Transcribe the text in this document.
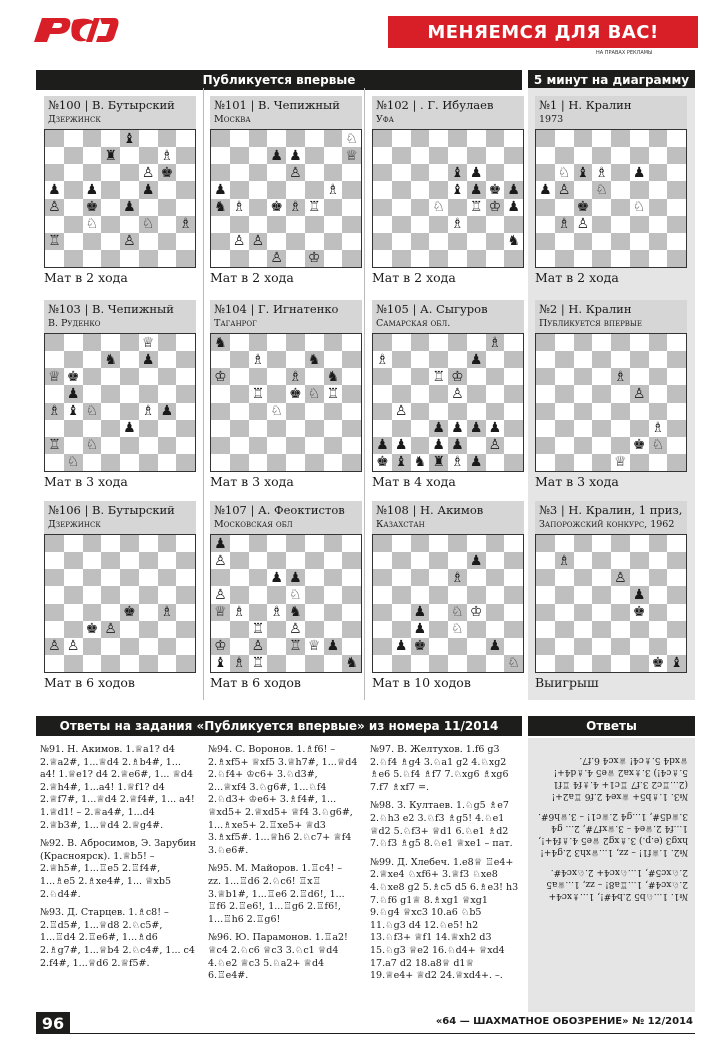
МЕНЯЕМСЯ ДЛЯ ВАС!
НА ПРАВАХ РЕКЛАМЫ
Публикуется впервые	5 минут на диаграмму
№100 | В. Бутырский
Дзержинск
♝
♜	♗
♙ ♚
♟ ♟	♟
♙ ♚ ♟
♘	♘ ♗
♖	♙
Мат в 2 хода
№101 | В. Чепижный
Москва
♘
♟ ♟	♕
♙
♟	♗
♞ ♗ ♚ ♗ ♖
♙ ♙
♙ ♔
Мат в 2 хода
№102 | . Г. Ибулаев
Уфа
♝ ♟
♝ ♟ ♚ ♟
♘ ♖ ♔ ♟
♗
♞
Мат в 2 хода
№1 | Н. Кралин
1973
♘ ♝ ♗ ♟
♟ ♙ ♘
♚	♘
♗ ♙
Мат в 2 хода
№103 | В. Чепижный
В. Руденко
♕
♞ ♟
♕ ♚
♟
♗ ♝ ♘	♗ ♟
♟
♖ ♘
♘
Мат в 3 хода
№104 | Г. Игнатенко
Таганрог
♞
♗	♞
♔	♗ ♞
♖ ♚ ♘ ♖
♘
Мат в 3 хода
№105 | А. Сыгуров
Самарская обл.
♗
♗	♟
♖ ♔
♙
♙
♟ ♟ ♟ ♟
♟ ♟ ♟ ♟ ♙
♚ ♝ ♞ ♜ ♗ ♟
Мат в 4 хода
№2 | Н. Кралин
Публикуется впервые
♗
♙
♗
♚ ♘
♕
Мат в 3 хода
№106 | В. Бутырский
Дзержинск
♚ ♗
♚ ♙
♙ ♙
Мат в 6 ходов
№107 | А. Феоктистов
Московская обл
♟
♙
♟ ♟
♙	♘
♕ ♗ ♗ ♞
♖ ♙
♔ ♙ ♖ ♕ ♟
♝ ♗ ♖	♞
Мат в 6 ходов
№108 | Н. Акимов
Казахстан
♟
♗
♟ ♘ ♔
♟ ♘
♟ ♚	♟
♘
Мат в 10 ходов
№3 | Н. Кралин, 1 приз,
Запорожский конкурс, 1962
♗
♙
♟
♚
♚ ♝
Выигрыш
Ответы на задания «Публикуется впервые» из номера 11/2014	Ответы

№91. Н. Акимов. 1.♕a1? d4 2.♕a2#, 1...♕d4 2.♗b4#, 1... a4! 1.♕e1? d4 2.♕e6#, 1... ♕d4 2.♕h4#, 1...a4! 1.♕f1? d4 2.♕f7#, 1...♕d4 2.♕f4#, 1... a4! 1.♕d1! – 2.♕a4#, 1...d4 2.♕b3#, 1...♕d4 2.♕g4#.

№92. В. Абросимов, Э. Зарубин (Красноярск). 1.♕b5! – 2.♕h5#, 1...♖e5 2.♖f4#, 1...♗e5 2.♗xe4#, 1... ♕xb5 2.♘d4#.

№93. Д. Старцев. 1.♗c8! – 2.♖d5#, 1...♕d8 2.♘c5#, 1...♖d4 2.♖e6#, 1...♗d6 2.♗g7#, 1...♕b4 2.♘c4#, 1... c4 2.f4#, 1...♕d6 2.♕f5#.

№94. С. Воронов. 1.♗f6! – 2.♗xf5+ ♕xf5 3.♕h7#, 1...♕d4 2.♘f4+ ♔c6+ 3.♘d3#, 2...♕xf4 3.♘g6#, 1...♘f4 2.♘d3+ ♔e6+ 3.♗f4#, 1... ♕xd5+ 2.♕xd5+ ♕f4 3.♘g6#, 1...♗xe5+ 2.♖xe5+ ♕d3 3.♗xf5#. 1...♕h6 2.♘c7+ ♕f4 3.♘e6#.

№95. М. Майоров. 1.♖c4! – zz. 1...♖d6 2.♘c6! ♖x♖ 3.♕b1#, 1...♖e6 2.♖d6!, 1... ♖f6 2.♖e6!, 1...♖g6 2.♖f6!, 1...♖h6 2.♖g6!

№96. Ю. Парамонов. 1.♖a2! ♕c4 2.♘c6 ♕c3 3.♘c1 ♕d4 4.♘e2 ♕c3 5.♘a2+ ♕d4 6.♖e4#.

№97. В. Желтухов. 1.f6 g3 2.♘f4 ♗g4 3.♘a1 g2 4.♘xg2 ♗e6 5.♘f4 ♗f7 7.♘xg6 ♗xg6 7.f7 ♗xf7 =.

№98. З. Култаев. 1.♘g5 ♗e7 2.♘h3 e2 3.♘f3 ♗g5! 4.♘e1 ♕d2 5.♘f3+ ♕d1 6.♘e1 ♗d2 7.♘f3 ♗g5 8.♘e1 ♕xe1 – пат.

№99. Д. Хлебеч. 1.e8♕ ♖e4+ 2.♕xe4 ♘xf6+ 3.♕f3 ♘xe8 4.♘xe8 g2 5.♗c5 d5 6.♗e3! h3 7.♘f6 g1♕ 8.♗xg1 ♕xg1 9.♘g4 ♕xc3 10.a6 ♘b5 11.♘g3 d4 12.♘e5! h2 13.♘f3+ ♕f1 14.♕xh2 d3 15.♘g3 ♕e2 16.♘d4+ ♕xd4 17.a7 d2 18.a8♕ d1♕ 19.♕e4+ ♕d2 24.♕xd4+. –.

№1. 1...♘b5 2.b4#!, 1...♗xc4+ 2.♘xc4#, 1...♖a8! – zz, 1...♕a5 2.♘xc5#, 1...♘xc4+ 2.♘xc4#.

№2. 1.♕f1! – zz, 1...♕xh3 2.g4+! hxg3 (e.p.) 3.♗xg2 ♕e5 4.♗f4+!, 1...f4 2.♕e4 – 3.♕xf7#, 2... g4 3.♕d5#, 1...g4 2.♕c1! – 3.♕h6#.

№3. 1.♗b5+ ♕xe4 2.f6 ♖a2+! (2...♖c2 3.f7 ♖c1+ 4.♗f4 ♖f1 5.♗c4!) 3.♗xa2 ♕e5 4.♗d4+! ♕xd4 5.♗c4! ♕xc4 6.f7.

96	«64 — ШАХМАТНОЕ ОБОЗРЕНИЕ» № 12/2014
